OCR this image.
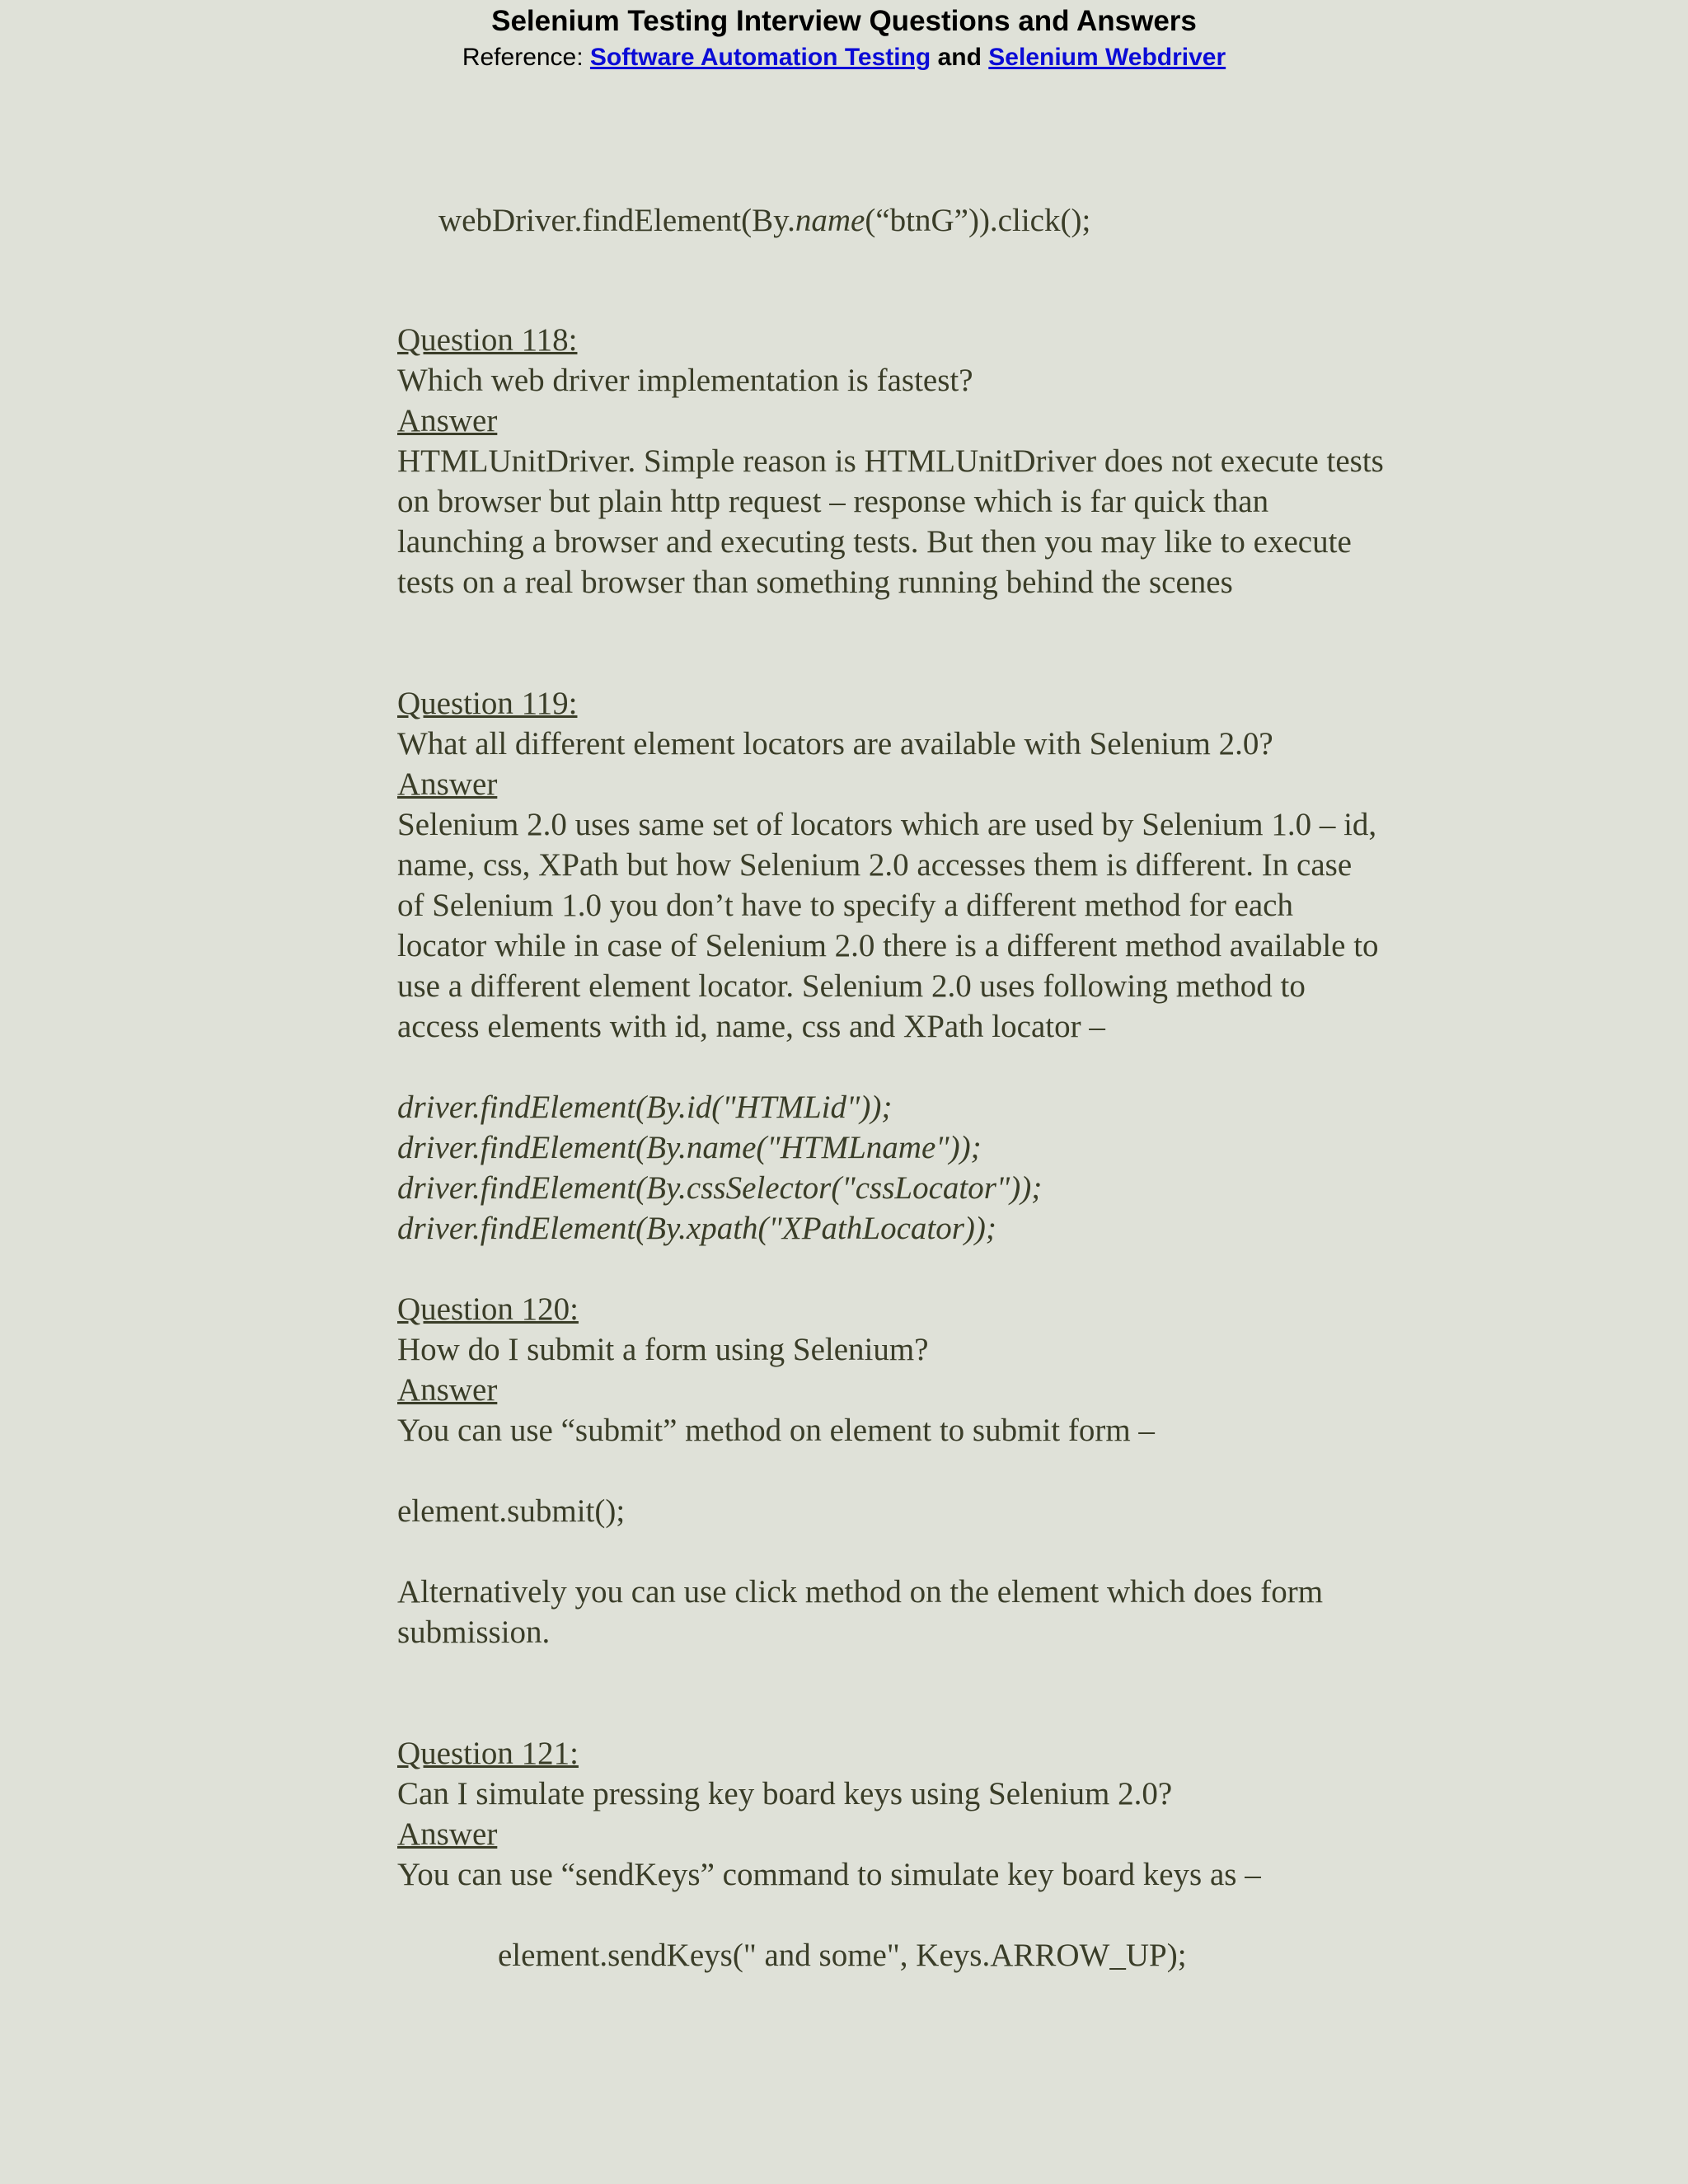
Selenium Testing Interview Questions and Answers
Reference: Software Automation Testing and Selenium Webdriver
webDriver.findElement(By.name(“btnG”)).click();
Question 118:
Which web driver implementation is fastest?
Answer
HTMLUnitDriver. Simple reason is HTMLUnitDriver does not execute tests
on browser but plain http request – response which is far quick than
launching a browser and executing tests. But then you may like to execute
tests on a real browser than something running behind the scenes
Question 119:
What all different element locators are available with Selenium 2.0?
Answer
Selenium 2.0 uses same set of locators which are used by Selenium 1.0 – id,
name, css, XPath but how Selenium 2.0 accesses them is different. In case
of Selenium 1.0 you don’t have to specify a different method for each
locator while in case of Selenium 2.0 there is a different method available to
use a different element locator. Selenium 2.0 uses following method to
access elements with id, name, css and XPath locator –
driver.findElement(By.id("HTMLid"));
driver.findElement(By.name("HTMLname"));
driver.findElement(By.cssSelector("cssLocator"));
driver.findElement(By.xpath("XPathLocator));
Question 120:
How do I submit a form using Selenium?
Answer
You can use “submit” method on element to submit form –
element.submit();
Alternatively you can use click method on the element which does form
submission.
Question 121:
Can I simulate pressing key board keys using Selenium 2.0?
Answer
You can use “sendKeys” command to simulate key board keys as –
element.sendKeys(" and some", Keys.ARROW_UP);
